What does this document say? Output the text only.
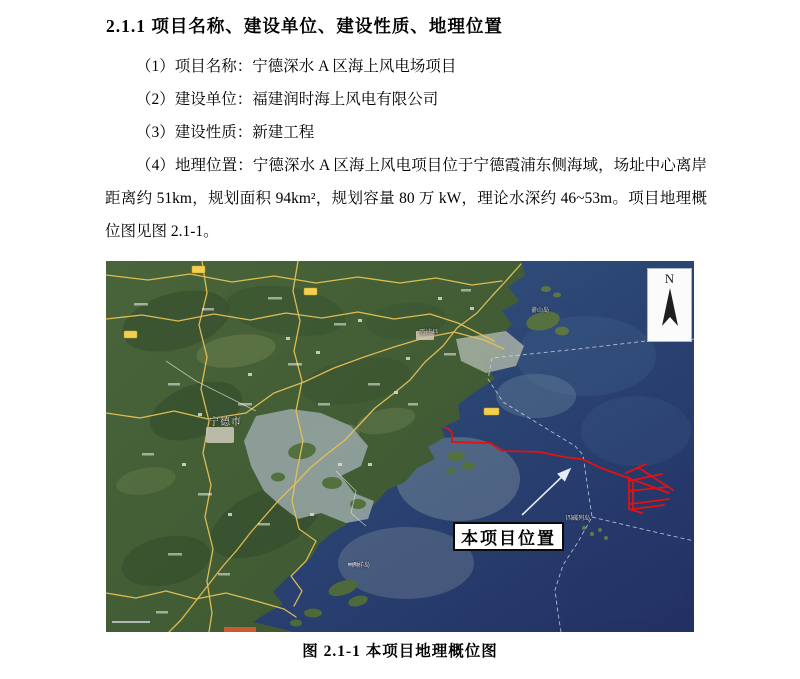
2.1.1 项目名称、建设单位、建设性质、地理位置

（1）项目名称：宁德深水 A 区海上风电场项目

（2）建设单位：福建润时海上风电有限公司

（3）建设性质：新建工程

（4）地理位置：宁德深水 A 区海上风电项目位于宁德霞浦东侧海域，场址中心离岸距离约 51km，规划面积 94km²，规划容量 80 万 kW，理论水深约 46~53m。项目地理概位图见图 2.1-1。

宁德市
霞浦县
嵛山岛
西洋岛
四礵列岛
N
本项目位置
图 2.1-1 本项目地理概位图
